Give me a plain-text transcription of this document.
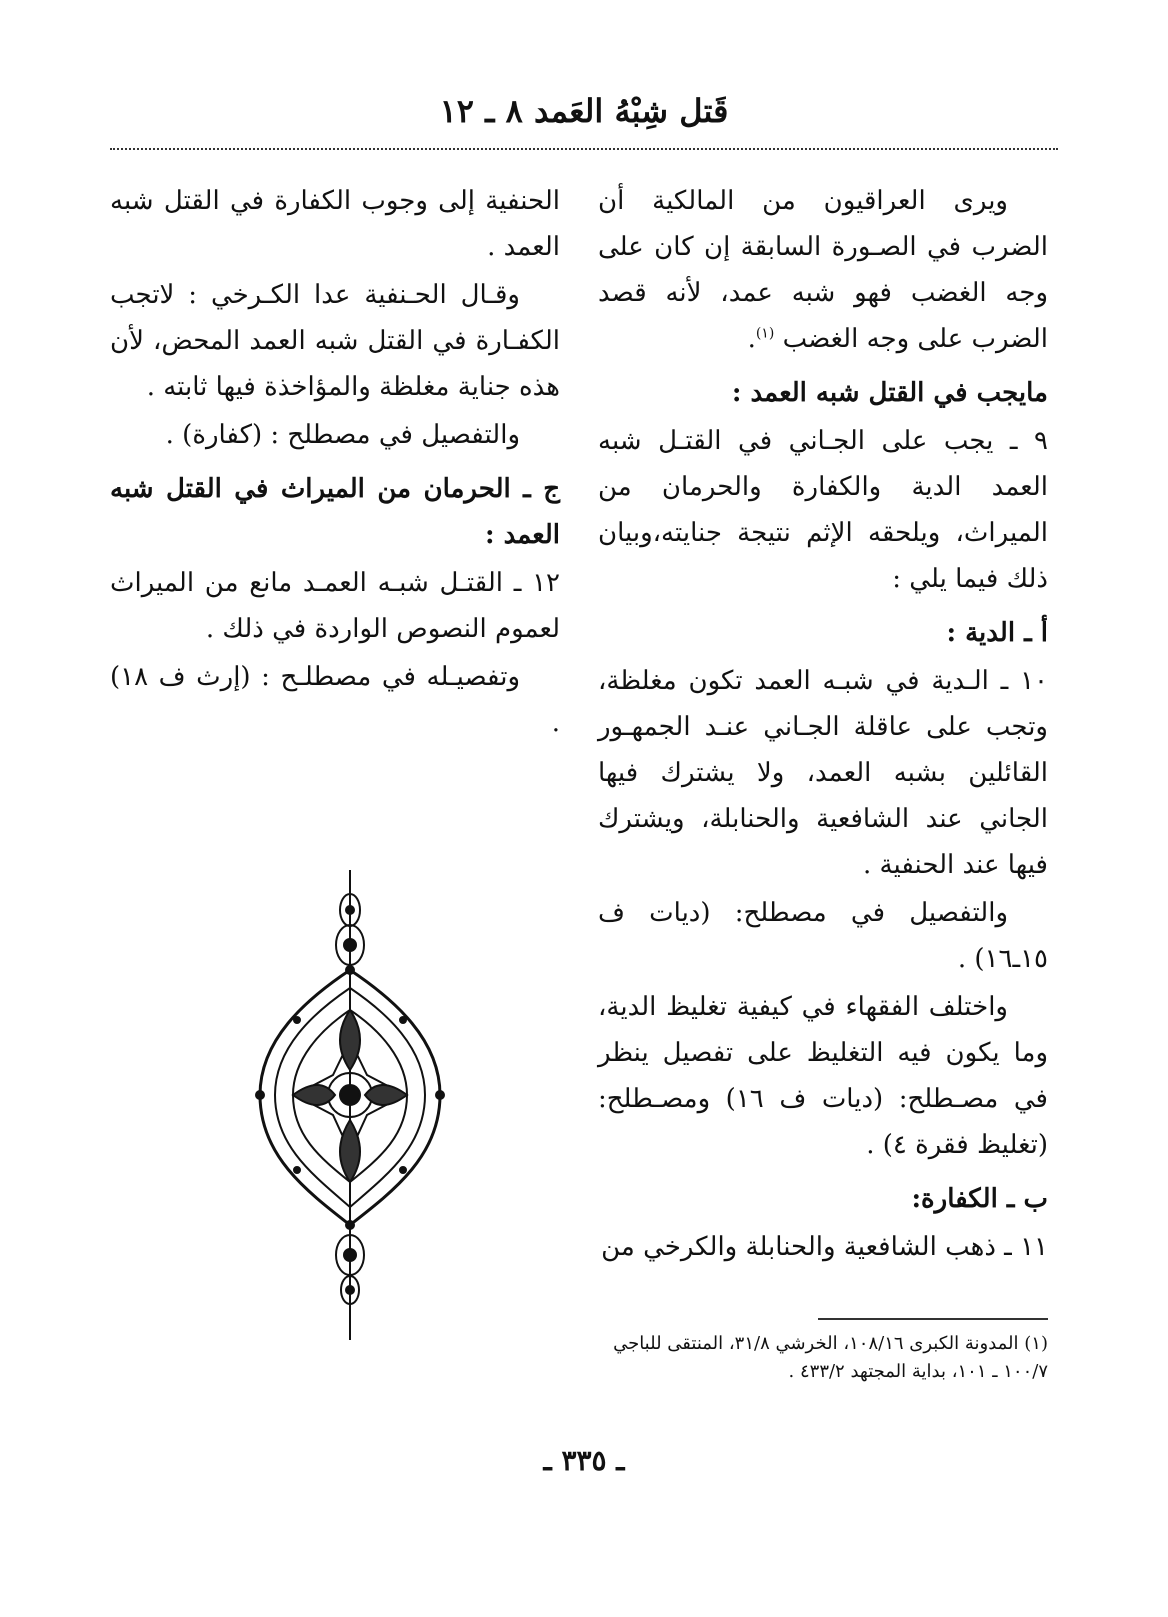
قَتل شِبْهُ العَمد ٨ ـ ١٢

ويرى العراقيون من المالكية أن الضرب في الصـورة السابقة إن كان على وجه الغضب فهو شبه عمد، لأنه قصد الضرب على وجه الغضب $^{(١)}$.

مايجب في القتل شبه العمد :

٩ ـ يجب على الجـاني في القتـل شبه العمد الدية والكفارة والحرمان من الميراث، ويلحقه الإثم نتيجة جنايته،وبيان ذلك فيما يلي :

أ ـ الدية :

١٠ ـ الـدية في شبـه العمد تكون مغلظة، وتجب على عاقلة الجـاني عنـد الجمهـور القائلين بشبه العمد، ولا يشترك فيها الجاني عند الشافعية والحنابلة، ويشترك فيها عند الحنفية .

والتفصيل في مصطلح: (ديات ف ١٥ـ١٦) .

واختلف الفقهاء في كيفية تغليظ الدية، وما يكون فيه التغليظ على تفصيل ينظر في مصـطلح: (ديات ف ١٦) ومصـطلح: (تغليظ فقرة ٤) .

ب ـ الكفارة:

١١ ـ ذهب الشافعية والحنابلة والكرخي من

الحنفية إلى وجوب الكفارة في القتل شبه العمد .

وقـال الحـنفية عدا الكـرخي : لاتجب الكفـارة في القتل شبه العمد المحض، لأن هذه جناية مغلظة والمؤاخذة فيها ثابته .

والتفصيل في مصطلح : (كفارة) .

ج ـ الحرمان من الميراث في القتل شبه العمد :

١٢ ـ القتـل شبـه العمـد مانع من الميراث لعموم النصوص الواردة في ذلك .

وتفصيـله في مصطلـح : (إرث ف ١٨) .

(١) المدونة الكبرى ١٠٨/١٦، الخرشي ٣١/٨، المنتقى للباجي ١٠٠/٧ ـ ١٠١، بداية المجتهد ٤٣٣/٢ .
ـ ٣٣٥ ـ
